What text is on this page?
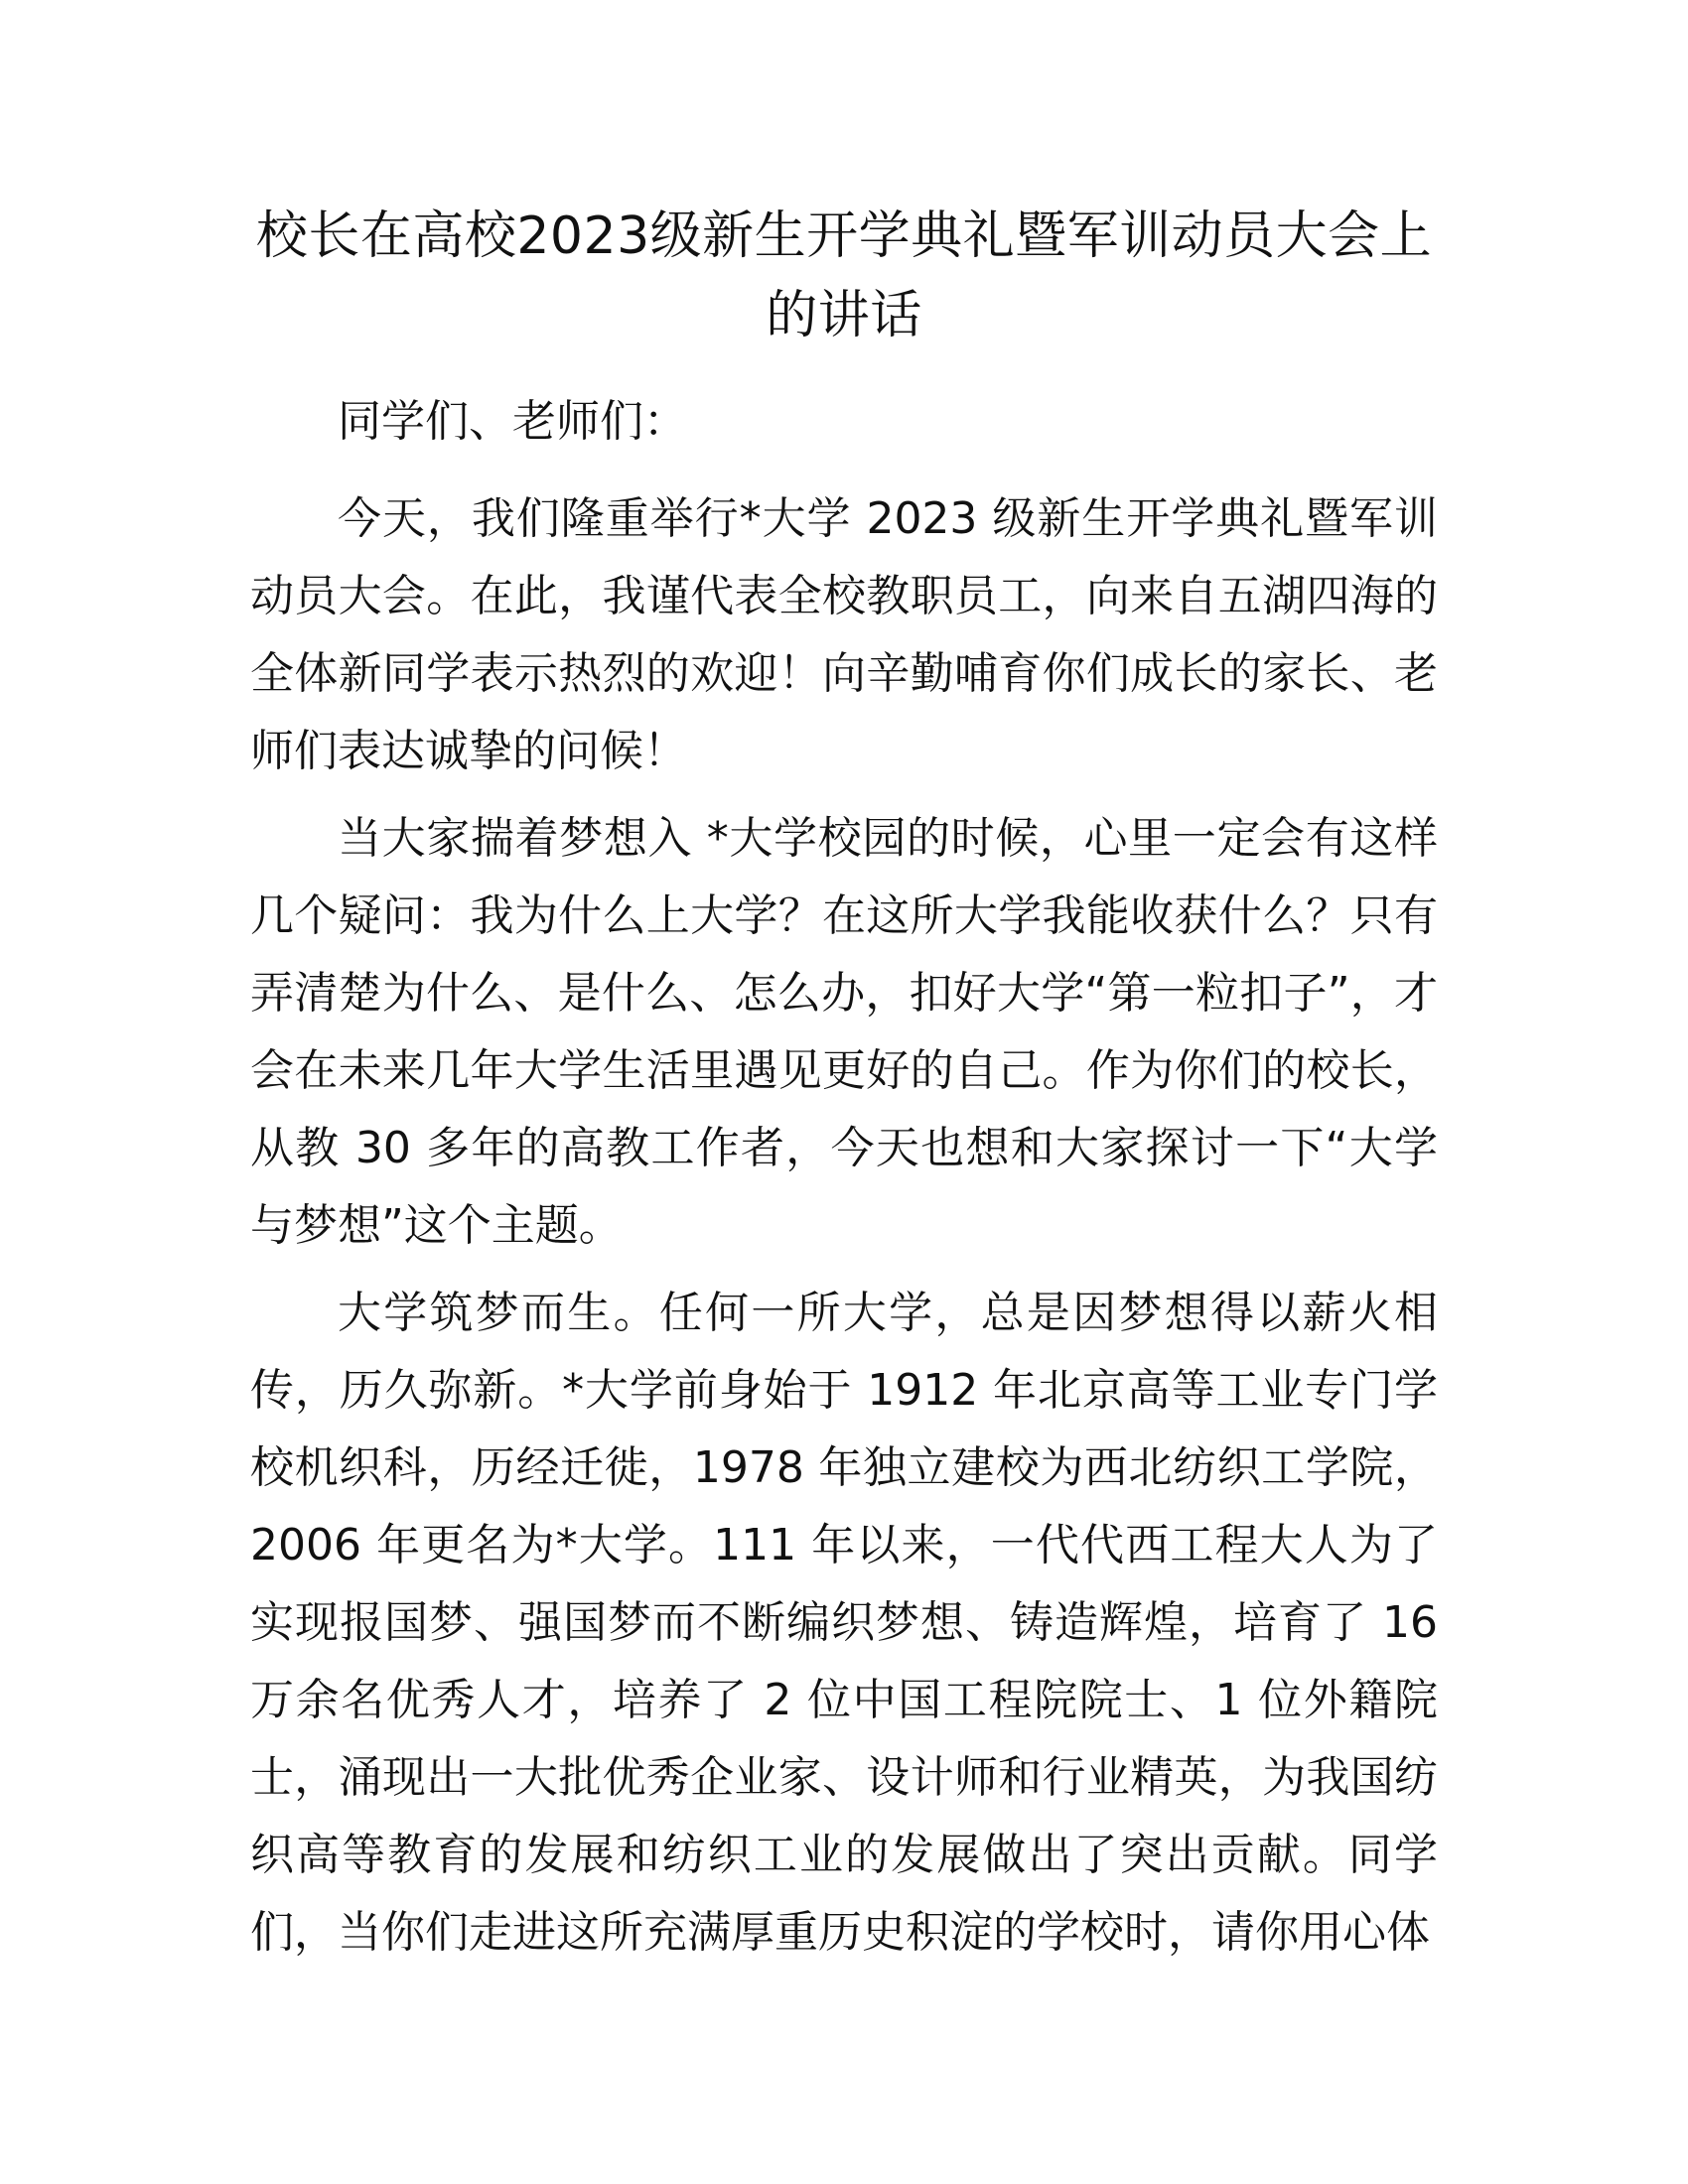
校长在高校2023级新生开学典礼暨军训动员大会上的讲话

同学们、老师们：

今天，我们隆重举行*大学 2023 级新生开学典礼暨军训动员大会。在此，我谨代表全校教职员工，向来自五湖四海的全体新同学表示热烈的欢迎！向辛勤哺育你们成长的家长、老师们表达诚挚的问候！

当大家揣着梦想入 *大学校园的时候，心里一定会有这样几个疑问：我为什么上大学？在这所大学我能收获什么？只有弄清楚为什么、是什么、怎么办，扣好大学“第一粒扣子”，才会在未来几年大学生活里遇见更好的自己。作为你们的校长，从教 30 多年的高教工作者，今天也想和大家探讨一下“大学与梦想”这个主题。

大学筑梦而生。任何一所大学，总是因梦想得以薪火相传，历久弥新。*大学前身始于 1912 年北京高等工业专门学校机织科，历经迁徙，1978 年独立建校为西北纺织工学院，2006 年更名为*大学。111 年以来，一代代西工程大人为了实现报国梦、强国梦而不断编织梦想、铸造辉煌，培育了 16 万余名优秀人才，培养了 2 位中国工程院院士、1 位外籍院士，涌现出一大批优秀企业家、设计师和行业精英，为我国纺织高等教育的发展和纺织工业的发展做出了突出贡献。同学们，当你们走进这所充满厚重历史积淀的学校时，请你用心体
